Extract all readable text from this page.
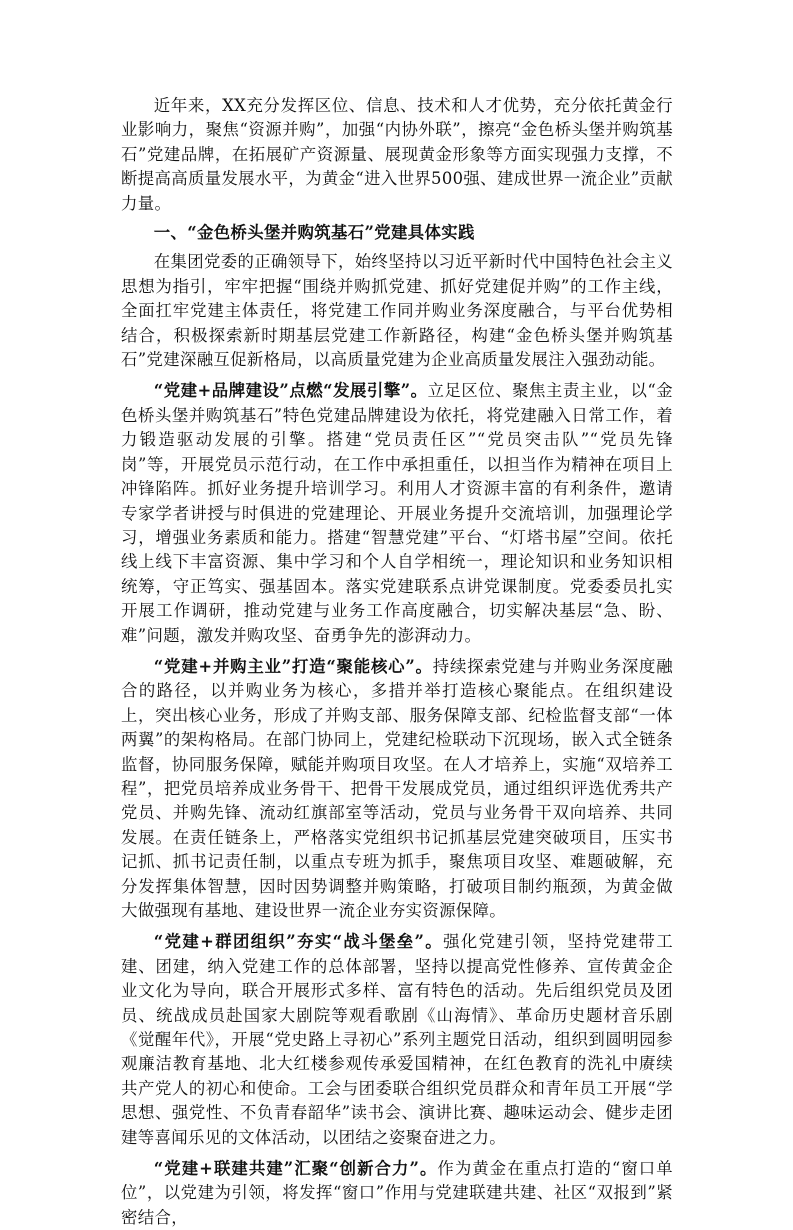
近年来，XX充分发挥区位、信息、技术和人才优势，充分依托黄金行业影响力，聚焦“资源并购”，加强“内协外联”，擦亮“金色桥头堡并购筑基石”党建品牌，在拓展矿产资源量、展现黄金形象等方面实现强力支撑，不断提高高质量发展水平，为黄金“进入世界500强、建成世界一流企业”贡献力量。

一、“金色桥头堡并购筑基石”党建具体实践

在集团党委的正确领导下，始终坚持以习近平新时代中国特色社会主义思想为指引，牢牢把握“围绕并购抓党建、抓好党建促并购”的工作主线，全面扛牢党建主体责任，将党建工作同并购业务深度融合，与平台优势相结合，积极探索新时期基层党建工作新路径，构建“金色桥头堡并购筑基石”党建深融互促新格局，以高质量党建为企业高质量发展注入强劲动能。

“党建+品牌建设”点燃“发展引擎”。立足区位、聚焦主责主业，以“金色桥头堡并购筑基石”特色党建品牌建设为依托，将党建融入日常工作，着力锻造驱动发展的引擎。搭建“党员责任区”“党员突击队”“党员先锋岗”等，开展党员示范行动，在工作中承担重任，以担当作为精神在项目上冲锋陷阵。抓好业务提升培训学习。利用人才资源丰富的有利条件，邀请专家学者讲授与时俱进的党建理论、开展业务提升交流培训，加强理论学习，增强业务素质和能力。搭建“智慧党建”平台、“灯塔书屋”空间。依托线上线下丰富资源、集中学习和个人自学相统一，理论知识和业务知识相统筹，守正笃实、强基固本。落实党建联系点讲党课制度。党委委员扎实开展工作调研，推动党建与业务工作高度融合，切实解决基层“急、盼、难”问题，激发并购攻坚、奋勇争先的澎湃动力。

“党建+并购主业”打造“聚能核心”。持续探索党建与并购业务深度融合的路径，以并购业务为核心，多措并举打造核心聚能点。在组织建设上，突出核心业务，形成了并购支部、服务保障支部、纪检监督支部“一体两翼”的架构格局。在部门协同上，党建纪检联动下沉现场，嵌入式全链条监督，协同服务保障，赋能并购项目攻坚。在人才培养上，实施“双培养工程”，把党员培养成业务骨干、把骨干发展成党员，通过组织评选优秀共产党员、并购先锋、流动红旗部室等活动，党员与业务骨干双向培养、共同发展。在责任链条上，严格落实党组织书记抓基层党建突破项目，压实书记抓、抓书记责任制，以重点专班为抓手，聚焦项目攻坚、难题破解，充分发挥集体智慧，因时因势调整并购策略，打破项目制约瓶颈，为黄金做大做强现有基地、建设世界一流企业夯实资源保障。

“党建+群团组织”夯实“战斗堡垒”。强化党建引领，坚持党建带工建、团建，纳入党建工作的总体部署，坚持以提高党性修养、宣传黄金企业文化为导向，联合开展形式多样、富有特色的活动。先后组织党员及团员、统战成员赴国家大剧院等观看歌剧《山海情》、革命历史题材音乐剧《觉醒年代》，开展“党史路上寻初心”系列主题党日活动，组织到圆明园参观廉洁教育基地、北大红楼参观传承爱国精神，在红色教育的洗礼中赓续共产党人的初心和使命。工会与团委联合组织党员群众和青年员工开展“学思想、强党性、不负青春韶华”读书会、演讲比赛、趣味运动会、健步走团建等喜闻乐见的文体活动，以团结之姿聚奋进之力。

“党建+联建共建”汇聚“创新合力”。作为黄金在重点打造的“窗口单位”，以党建为引领，将发挥“窗口”作用与党建联建共建、社区“双报到”紧密结合，
